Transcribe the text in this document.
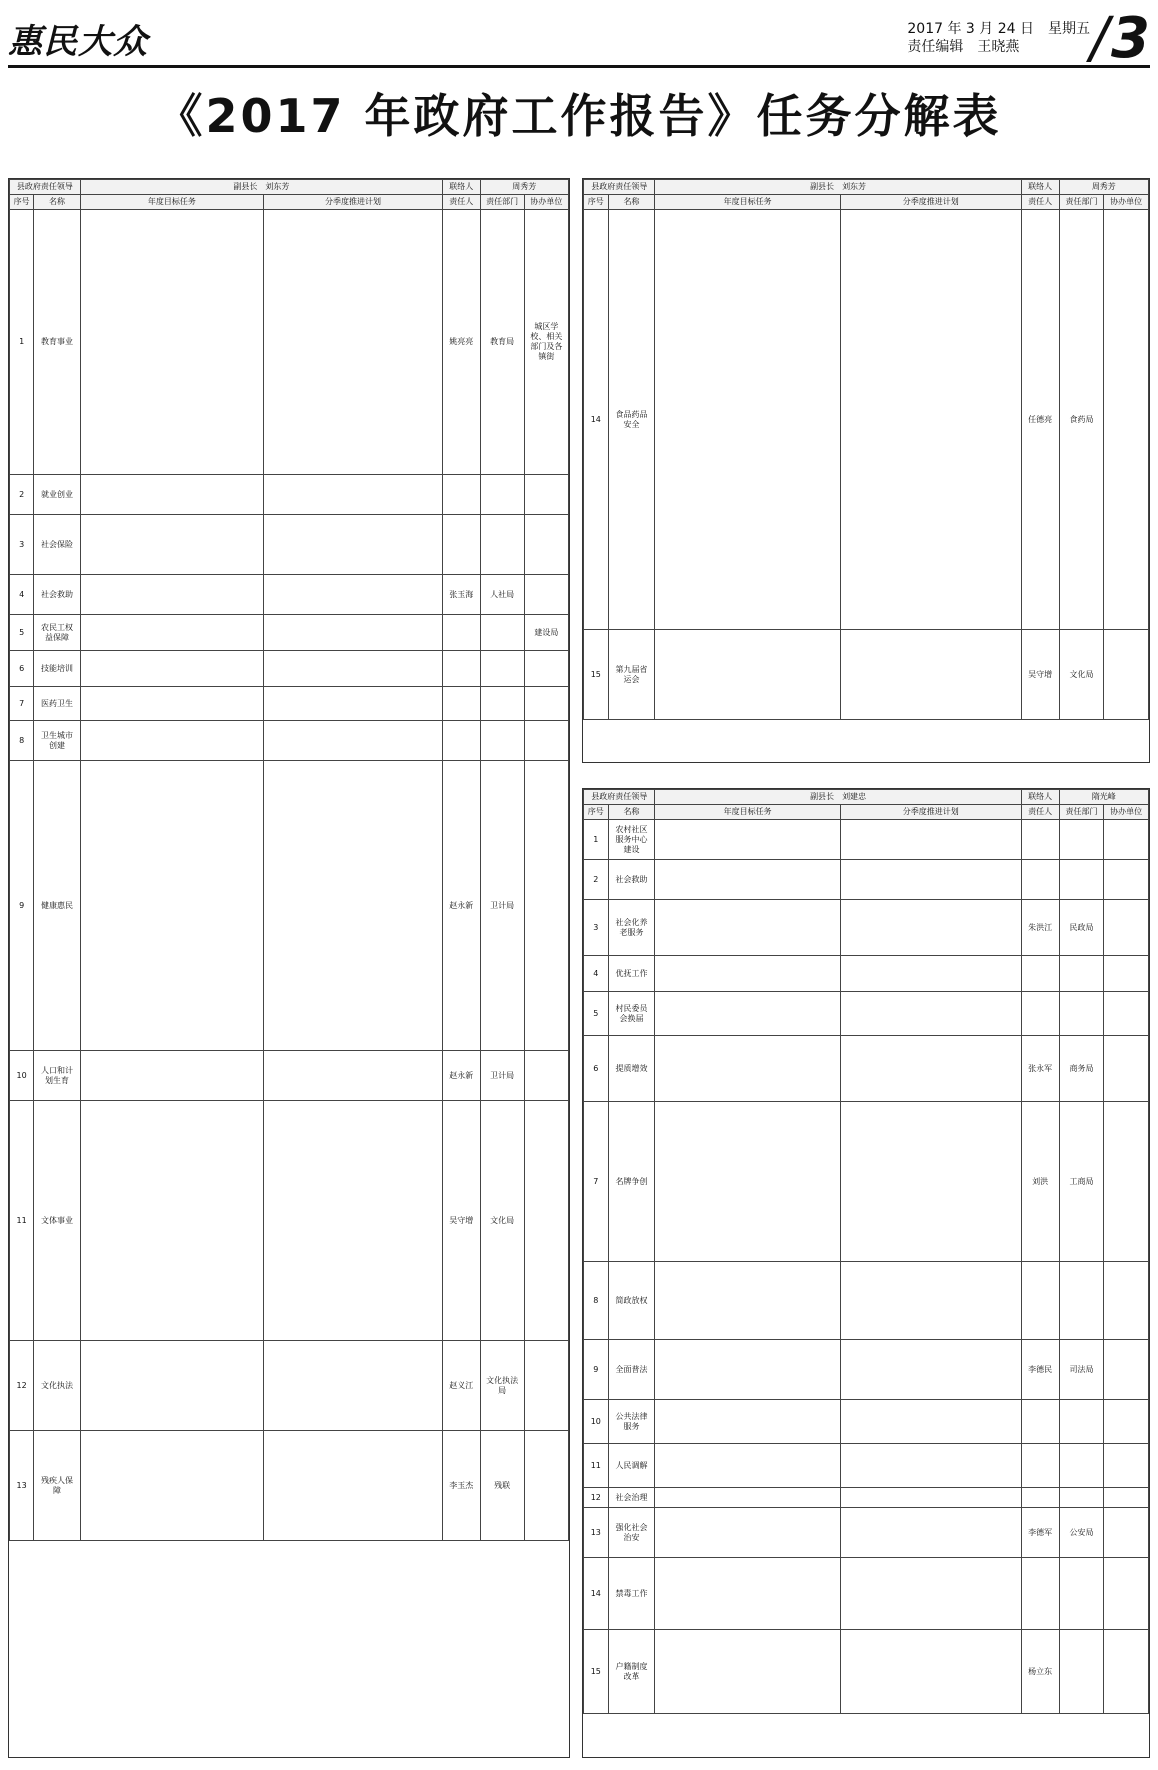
惠民大众	2017 年 3 月 24 日　星期五
责任编辑　王晓燕	/3
《2017 年政府工作报告》任务分解表
县政府责任领导		副县长　 刘东芳		联络人	周秀芳	
序号	名称	年度目标任务	分季度推进计划	责任人	责任部门	协办单位
1	教育事业			姚亮亮	教育局	城区学校、相关部门及各镇街
2	就业创业					
3	社会保险					
4	社会救助			张玉海	人社局	
5	农民工权益保障					建设局
6	技能培训					
7	医药卫生					
8	卫生城市创建					
9	健康惠民			赵永新	卫计局	
10	人口和计划生育			赵永新	卫计局	
11	文体事业			吴守增	文化局	
12	文化执法			赵义江	文化执法局	
13	残疾人保障			李玉杰	残联	
县政府责任领导		副县长　 刘东芳		联络人	周秀芳	
序号	名称	年度目标任务	分季度推进计划	责任人	责任部门	协办单位
14	食品药品安全			任德亮	食药局	
15	第九届省运会			吴守增	文化局	
县政府责任领导		副县长　 刘建忠		联络人	隋光峰	
序号	名称	年度目标任务	分季度推进计划	责任人	责任部门	协办单位
1	农村社区服务中心建设					
2	社会救助					
3	社会化养老服务			朱洪江	民政局	
4	优抚工作					
5	村民委员会换届					
6	提质增效			张永军	商务局	
7	名牌争创			刘洪	工商局	
8	简政放权					
9	全面普法			李德民	司法局	
10	公共法律服务					
11	人民调解					
12	社会治理					
13	强化社会治安			李德军	公安局	
14	禁毒工作					
15	户籍制度改革			杨立东		
